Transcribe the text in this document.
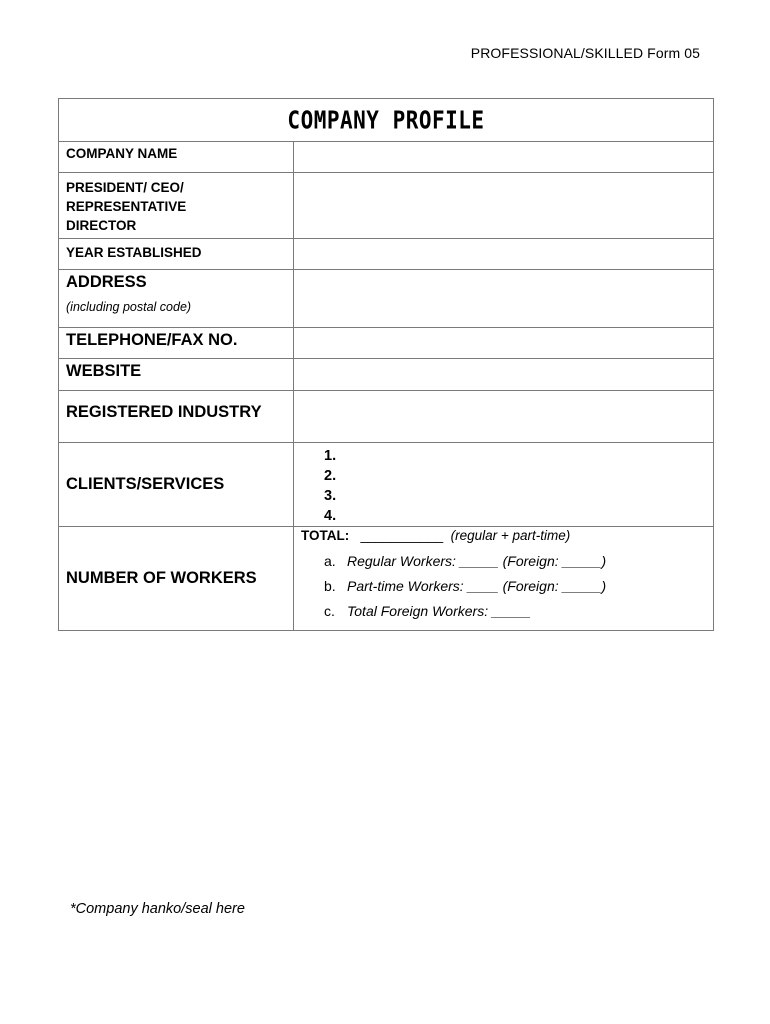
PROFESSIONAL/SKILLED Form 05
COMPANY PROFILE	

COMPANY NAME	

PRESIDENT/ CEO/
REPRESENTATIVE
DIRECTOR	

YEAR ESTABLISHED	

ADDRESS
(including postal code)	

TELEPHONE/FAX NO.	

WEBSITE	

REGISTERED INDUSTRY	

CLIENTS/SERVICES	1.
2.
3.
4.

NUMBER OF WORKERS	TOTAL: ___________ (regular + part-time)
a. Regular Workers: _____ (Foreign: _____)
b. Part-time Workers: ____ (Foreign: _____)
c. Total Foreign Workers: _____
*Company hanko/seal here
